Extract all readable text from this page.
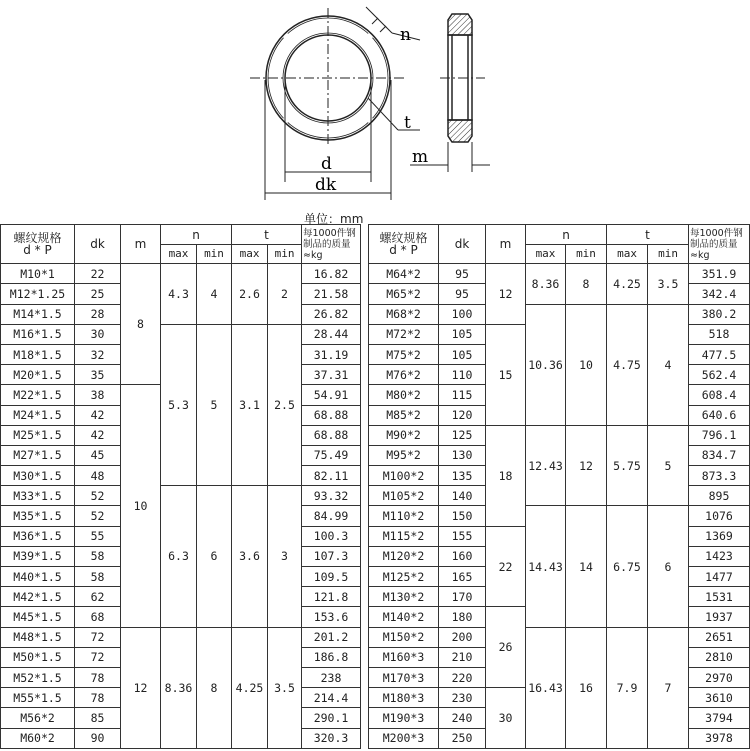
n
t
d
dk
m
单位：mm
螺纹规格
d * P	dk	m	n		t		每1000件钢制品的质量 ≈kg
			max	min	max	min	
M10*1	22	8	4.3	4	2.6	2	16.82
M12*1.25	25						21.58
M14*1.5	28						26.82
M16*1.5	30		5.3	5	3.1	2.5	28.44
M18*1.5	32						31.19
M20*1.5	35						37.31
M22*1.5	38	10					54.91
M24*1.5	42						68.88
M25*1.5	42						68.88
M27*1.5	45						75.49
M30*1.5	48						82.11
M33*1.5	52		6.3	6	3.6	3	93.32
M35*1.5	52						84.99
M36*1.5	55						100.3
M39*1.5	58						107.3
M40*1.5	58						109.5
M42*1.5	62						121.8
M45*1.5	68						153.6
M48*1.5	72	12	8.36	8	4.25	3.5	201.2
M50*1.5	72						186.8
M52*1.5	78						238
M55*1.5	78						214.4
M56*2	85						290.1
M60*2	90						320.3
螺纹规格
d * P	dk	m	n		t		每1000件钢制品的质量≈kg
			max	min	max	min	
M64*2	95	12	8.36	8	4.25	3.5	351.9
M65*2	95						342.4
M68*2	100		10.36	10	4.75	4	380.2
M72*2	105	15					518
M75*2	105						477.5
M76*2	110						562.4
M80*2	115						608.4
M85*2	120						640.6
M90*2	125	18	12.43	12	5.75	5	796.1
M95*2	130						834.7
M100*2	135						873.3
M105*2	140						895
M110*2	150		14.43	14	6.75	6	1076
M115*2	155	22					1369
M120*2	160						1423
M125*2	165						1477
M130*2	170						1531
M140*2	180	26					1937
M150*2	200		16.43	16	7.9	7	2651
M160*3	210						2810
M170*3	220						2970
M180*3	230	30					3610
M190*3	240						3794
M200*3	250						3978
